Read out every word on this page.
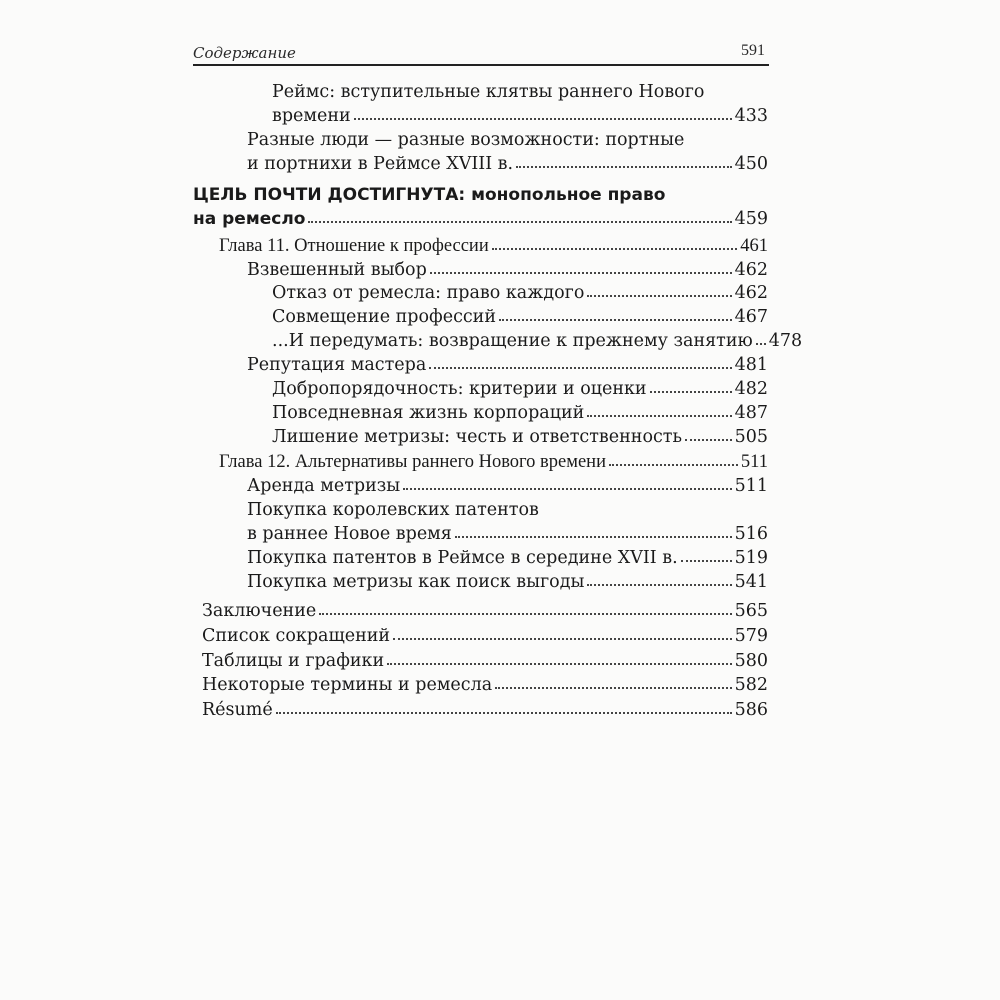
Содержание	591
Реймс: вступительные клятвы раннего Нового
времени	433
Разные люди — разные возможности: портные
и портнихи в Реймсе XVIII в.	450
ЦЕЛЬ ПОЧТИ ДОСТИГНУТА: монопольное право
на ремесло	459
Глава 11. Отношение к профессии	461
Взвешенный выбор	462
Отказ от ремесла: право каждого	462
Совмещение профессий	467
...И передумать: возвращение к прежнему занятию 478
Репутация мастера	481
Добропорядочность: критерии и оценки	482
Повседневная жизнь корпораций	487
Лишение метризы: честь и ответственность	505
Глава 12. Альтернативы раннего Нового времени	511
Аренда метризы	511
Покупка королевских патентов
в раннее Новое время	516
Покупка патентов в Реймсе в середине XVII в.	519
Покупка метризы как поиск выгоды	541
Заключение	565
Список сокращений	579
Таблицы и графики	580
Некоторые термины и ремесла	582
Résumé	586
